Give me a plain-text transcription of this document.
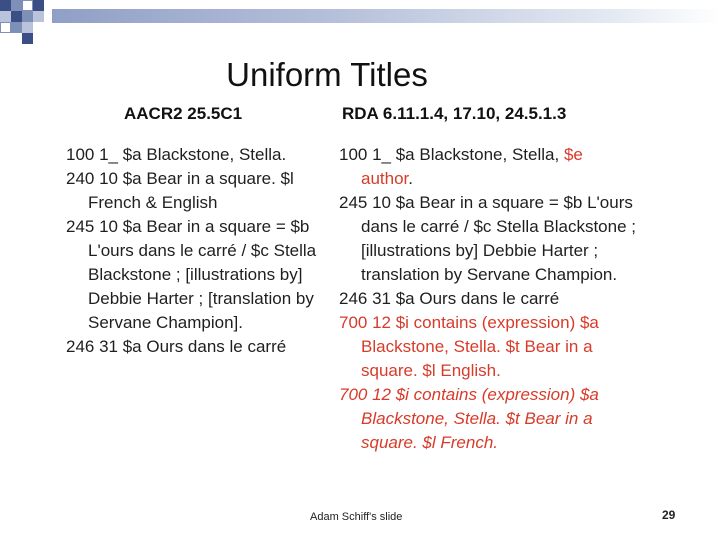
Uniform Titles
AACR2 25.5C1	RDA 6.11.1.4, 17.10, 24.5.1.3

100 1_ $a Blackstone, Stella.

240 10 $a Bear in a square. $l French & English

245 10 $a Bear in a square = $b L'ours dans le carré / $c Stella Blackstone ; [illustrations by] Debbie Harter ; [translation by Servane Champion].

246 31 $a Ours dans le carré

100 1_ $a Blackstone, Stella, $e author.

245 10 $a Bear in a square = $b L'ours dans le carré / $c Stella Blackstone ; [illustrations by] Debbie Harter ; translation by Servane Champion.

246 31 $a Ours dans le carré

700 12 $i contains (expression) $a Blackstone, Stella. $t Bear in a square. $l English.

700 12 $i contains (expression) $a Blackstone, Stella. $t Bear in a square. $l French.

Adam Schiff's slide	29
